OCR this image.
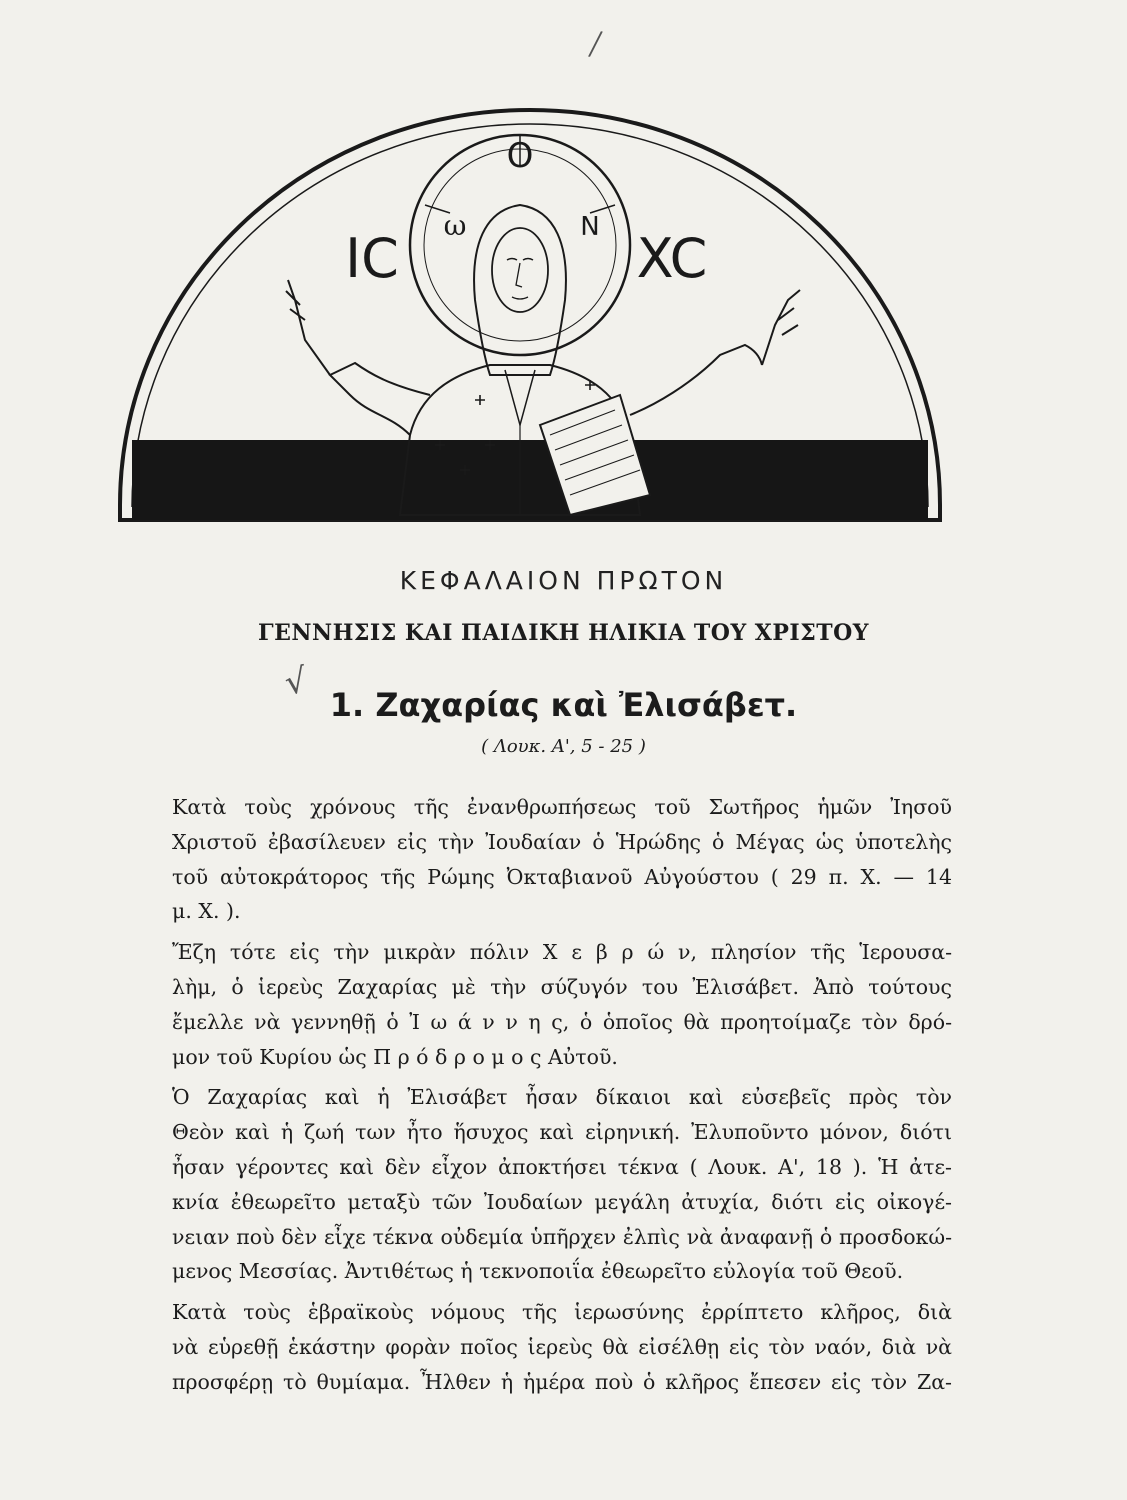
/
Ο
ω	Ν
IC	XC
ΚΕΦΑΛΑΙΟΝ ΠΡΩΤΟΝ
ΓΕΝΝΗΣΙΣ ΚΑΙ ΠΑΙΔΙΚΗ ΗΛΙΚΙΑ ΤΟΥ ΧΡΙΣΤΟΥ
√
1. Ζαχαρίας καὶ Ἐλισάβετ.
( Λουκ. Α', 5 - 25 )
Κατὰ τοὺς χρόνους τῆς ἐνανθρωπήσεως τοῦ Σωτῆρος ἡμῶν Ἰησοῦ
Χριστοῦ ἐβασίλευεν εἰς τὴν Ἰουδαίαν ὁ Ἡρώδης ὁ Μέγας ὡς ὑποτελὴς
τοῦ αὐτοκράτορος τῆς Ρώμης Ὀκταβιανοῦ Αὐγούστου ( 29 π. Χ. — 14
μ. Χ. ).
Ἔζη τότε εἰς τὴν μικρὰν πόλιν Χ ε β ρ ώ ν, πλησίον τῆς Ἱερουσα-
λὴμ, ὁ ἱερεὺς Ζαχαρίας μὲ τὴν σύζυγόν του Ἐλισάβετ. Ἀπὸ τούτους
ἔμελλε νὰ γεννηθῇ ὁ Ἰ ω ά ν ν η ς, ὁ ὁποῖος θὰ προητοίμαζε τὸν δρό-
μον τοῦ Κυρίου ὡς Π ρ ό δ ρ ο μ ο ς Αὐτοῦ.
Ὁ Ζαχαρίας καὶ ἡ Ἐλισάβετ ἦσαν δίκαιοι καὶ εὐσεβεῖς πρὸς τὸν
Θεὸν καὶ ἡ ζωή των ἦτο ἥσυχος καὶ εἰρηνική. Ἐλυποῦντο μόνον, διότι
ἦσαν γέροντες καὶ δὲν εἶχον ἀποκτήσει τέκνα ( Λουκ. Α', 18 ). Ἡ ἀτε-
κνία ἐθεωρεῖτο μεταξὺ τῶν Ἰουδαίων μεγάλη ἀτυχία, διότι εἰς οἰκογέ-
νειαν ποὺ δὲν εἶχε τέκνα οὐδεμία ὑπῆρχεν ἐλπὶς νὰ ἀναφανῇ ὁ προσδοκώ-
μενος Μεσσίας. Ἀντιθέτως ἡ τεκνοποιΐα ἐθεωρεῖτο εὐλογία τοῦ Θεοῦ.
Κατὰ τοὺς ἑβραϊκοὺς νόμους τῆς ἱερωσύνης ἐρρίπτετο κλῆρος, διὰ
νὰ εὑρεθῇ ἑκάστην φορὰν ποῖος ἱερεὺς θὰ εἰσέλθῃ εἰς τὸν ναόν, διὰ νὰ
προσφέρῃ τὸ θυμίαμα. Ἦλθεν ἡ ἡμέρα ποὺ ὁ κλῆρος ἔπεσεν εἰς τὸν Ζα-
